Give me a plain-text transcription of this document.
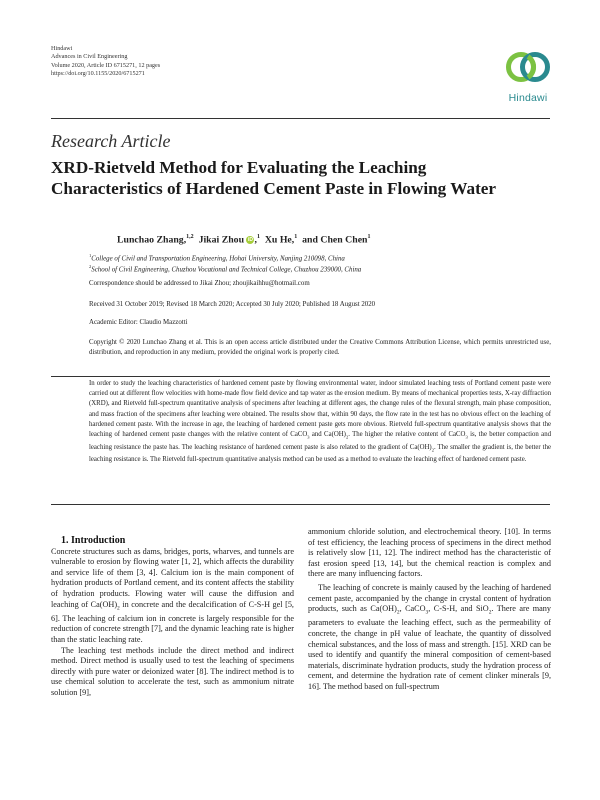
Hindawi
Advances in Civil Engineering
Volume 2020, Article ID 6715271, 12 pages
https://doi.org/10.1155/2020/6715271
Hindawi
Research Article
XRD-Rietveld Method for Evaluating the Leaching
Characteristics of Hardened Cement Paste in Flowing Water
Lunchao Zhang,$^{1,2}$ Jikai Zhou iD ,$^1$ Xu He,$^1$ and Chen Chen$^1$
$^1$College of Civil and Transportation Engineering, Hohai University, Nanjing 210098, China
$^2$School of Civil Engineering, Chuzhou Vocational and Technical College, Chuzhou 239000, China
Correspondence should be addressed to Jikai Zhou; zhoujikaihhu@hotmail.com
Received 31 October 2019; Revised 18 March 2020; Accepted 30 July 2020; Published 18 August 2020
Academic Editor: Claudio Mazzotti
Copyright © 2020 Lunchao Zhang et al. This is an open access article distributed under the Creative Commons Attribution License, which permits unrestricted use, distribution, and reproduction in any medium, provided the original work is properly cited.
In order to study the leaching characteristics of hardened cement paste by flowing environmental water, indoor simulated leaching tests of Portland cement paste were carried out at different flow velocities with home-made flow field device and tap water as the erosion medium. By means of mechanical properties tests, X-ray diffraction (XRD), and Rietveld full-spectrum quantitative analysis of specimens after leaching at different ages, the change rules of the flexural strength, main phase composition, and mass fraction of the specimens after leaching were obtained. The results show that, within 90 days, the flow rate in the test has no obvious effect on the leaching of hardened cement paste. With the increase in age, the leaching of hardened cement paste gets more obvious. Rietveld full-spectrum quantitative analysis shows that the leaching of hardened cement paste changes with the relative content of CaCO$_3$ and $Ca(OH)_2$. The higher the relative content of CaCO$_3$ is, the better compaction and leaching resistance the paste has. The leaching resistance of hardened cement paste is also related to the gradient of $Ca(OH)_2$. The smaller the gradient is, the better the leaching resistance is. The Rietveld full-spectrum quantitative analysis method can be used as a method to evaluate the leaching effect of hardened cement paste.

1. Introduction

Concrete structures such as dams, bridges, ports, wharves, and tunnels are vulnerable to erosion by flowing water [1, 2], which affects the durability and service life of them [3, 4]. Calcium ion is the main component of hydration products of Portland cement, and its content affects the stability of hydration products. Flowing water will cause the diffusion and leaching of $Ca(OH)_2$ in concrete and the decalcification of C-S-H gel [5, 6]. The leaching of calcium ion in concrete is largely responsible for the reduction of concrete strength [7], and the dynamic leaching rate is higher than the static leaching rate.

The leaching test methods include the direct method and indirect method. Direct method is usually used to test the leaching of specimens directly with pure water or deionized water [8]. The indirect method is to use chemical solution to accelerate the test, such as ammonium nitrate solution [9],

ammonium chloride solution, and electrochemical theory. [10]. In terms of test efficiency, the leaching process of specimens in the direct method is relatively slow [11, 12]. The indirect method has the characteristic of fast erosion speed [13, 14], but the chemical reaction is complex and there are many influencing factors.

The leaching of concrete is mainly caused by the leaching of hardened cement paste, accompanied by the change in crystal content of hydration products, such as $Ca(OH)_2$, CaCO$_3$, C-S-H, and SiO$_2$. There are many parameters to evaluate the leaching effect, such as the permeability of concrete, the change in pH value of leachate, the quantity of dissolved chemical substances, and the loss of mass and strength. [15]. XRD can be used to identify and quantify the mineral composition of cement-based materials, discriminate hydration products, study the hydration process of cement, and determine the hydration rate of cement clinker minerals [9, 16]. The method based on full-spectrum
